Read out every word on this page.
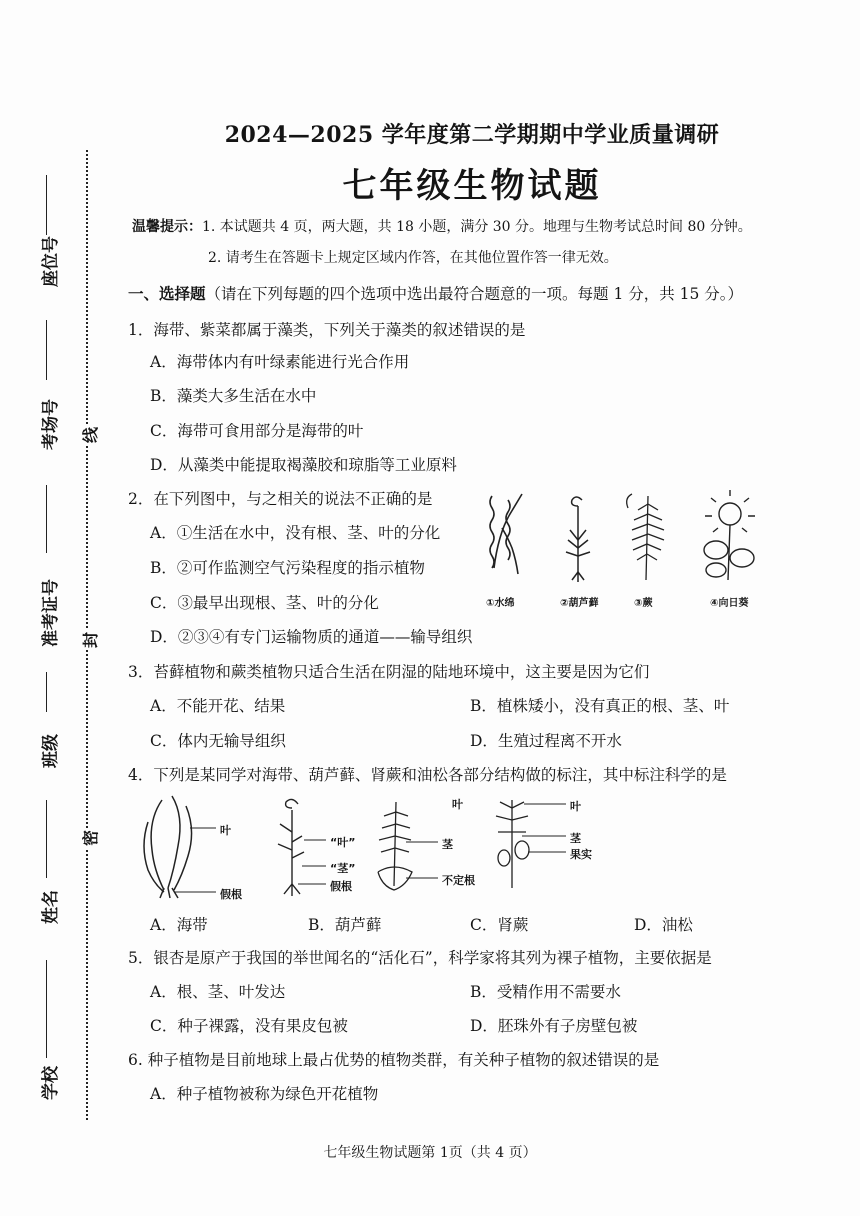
座位号
考场号
准考证号
班级
姓名
学校
线
封
密
2024—2025 学年度第二学期期中学业质量调研
七年级生物试题
温馨提示：1. 本试题共 4 页，两大题，共 18 小题，满分 30 分。地理与生物考试总时间 80 分钟。
2. 请考生在答题卡上规定区域内作答，在其他位置作答一律无效。
一、选择题（请在下列每题的四个选项中选出最符合题意的一项。每题 1 分，共 15 分。）
1．海带、紫菜都属于藻类，下列关于藻类的叙述错误的是
A．海带体内有叶绿素能进行光合作用
B．藻类大多生活在水中
C．海带可食用部分是海带的叶
D．从藻类中能提取褐藻胶和琼脂等工业原料
2．在下列图中，与之相关的说法不正确的是
A．①生活在水中，没有根、茎、叶的分化
B．②可作监测空气污染程度的指示植物
C．③最早出现根、茎、叶的分化
D．②③④有专门运输物质的通道——输导组织
①水绵	②葫芦藓	③蕨	④向日葵
3．苔藓植物和蕨类植物只适合生活在阴湿的陆地环境中，这主要是因为它们
A．不能开花、结果	B．植株矮小，没有真正的根、茎、叶
C．体内无输导组织	D．生殖过程离不开水
4．下列是某同学对海带、葫芦藓、肾蕨和油松各部分结构做的标注，其中标注科学的是
叶
假根
“叶”
“茎”
假根
叶
茎
不定根
叶
茎
果实
A．海带	B．葫芦藓	C．肾蕨	D．油松
5．银杏是原产于我国的举世闻名的“活化石”，科学家将其列为裸子植物，主要依据是
A．根、茎、叶发达	B．受精作用不需要水
C．种子裸露，没有果皮包被	D．胚珠外有子房壁包被
6. 种子植物是目前地球上最占优势的植物类群，有关种子植物的叙述错误的是
A．种子植物被称为绿色开花植物
七年级生物试题第 1页（共 4 页）
